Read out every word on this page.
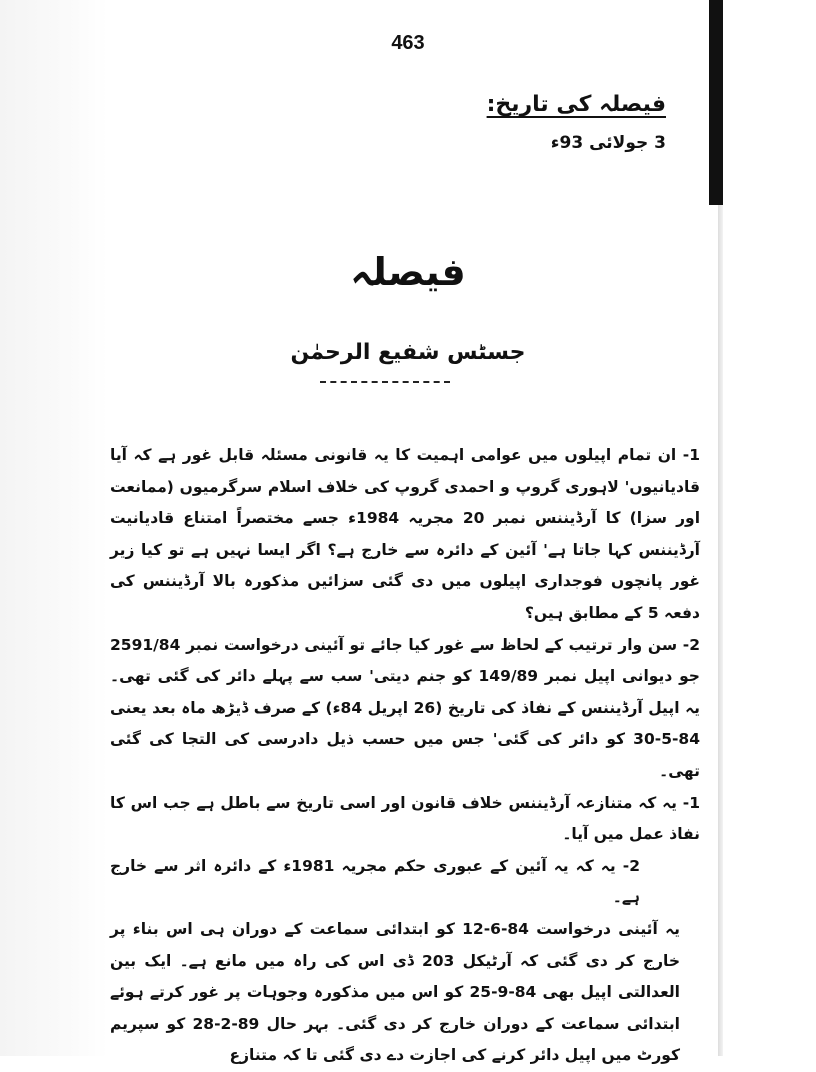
463
فیصلہ کی تاریخ:
3 جولائی 93ء
فیصلہ
جسٹس شفیع الرحمٰن

1- ان تمام اپیلوں میں عوامی اہمیت کا یہ قانونی مسئلہ قابل غور ہے کہ آیا قادیانیوں' لاہوری گروپ و احمدی گروپ کی خلاف اسلام سرگرمیوں (ممانعت اور سزا) کا آرڈیننس نمبر 20 مجریہ 1984ء جسے مختصراً امتناع قادیانیت آرڈیننس کہا جاتا ہے' آئین کے دائرہ سے خارج ہے؟ اگر ایسا نہیں ہے تو کیا زیر غور پانچوں فوجداری اپیلوں میں دی گئی سزائیں مذکورہ بالا آرڈیننس کی دفعہ 5 کے مطابق ہیں؟

2- سن وار ترتیب کے لحاظ سے غور کیا جائے تو آئینی درخواست نمبر 2591/84 جو دیوانی اپیل نمبر 149/89 کو جنم دیتی' سب سے پہلے دائر کی گئی تھی۔ یہ اپیل آرڈیننس کے نفاذ کی تاریخ (26 اپریل 84ء) کے صرف ڈیڑھ ماہ بعد یعنی 84-5-30 کو دائر کی گئی' جس میں حسب ذیل دادرسی کی التجا کی گئی تھی۔

1- یہ کہ متنازعہ آرڈیننس خلاف قانون اور اسی تاریخ سے باطل ہے جب اس کا نفاذ عمل میں آیا۔

2- یہ کہ یہ آئین کے عبوری حکم مجریہ 1981ء کے دائرہ اثر سے خارج ہے۔

یہ آئینی درخواست 84-6-12 کو ابتدائی سماعت کے دوران ہی اس بناء پر خارج کر دی گئی کہ آرٹیکل 203 ڈی اس کی راہ میں مانع ہے۔ ایک بین العدالتی اپیل بھی 84-9-25 کو اس میں مذکورہ وجوہات پر غور کرتے ہوئے ابتدائی سماعت کے دوران خارج کر دی گئی۔ بہر حال 89-2-28 کو سپریم کورٹ میں اپیل دائر کرنے کی اجازت دے دی گئی تا کہ متنازع
